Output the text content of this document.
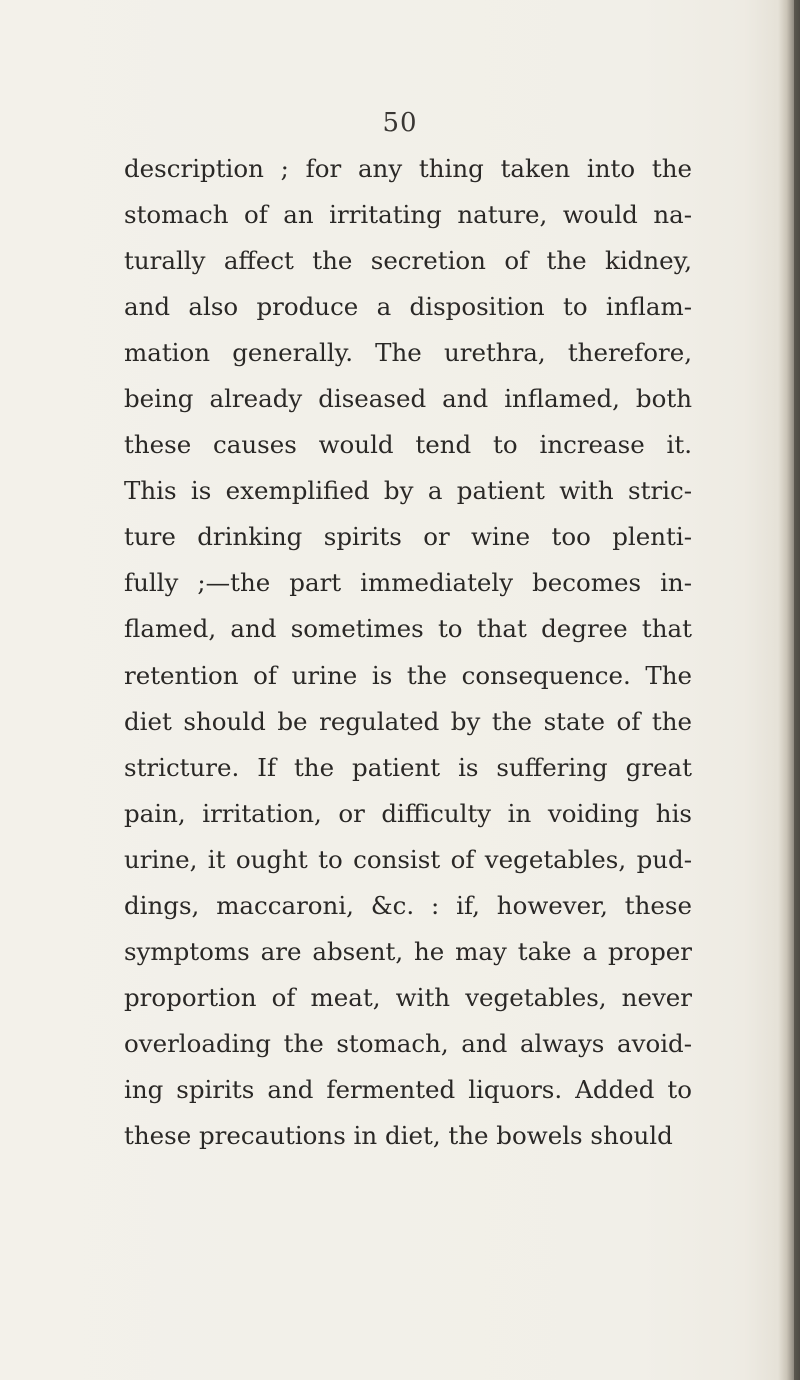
50
description ; for any thing taken into the
stomach of an irritating nature, would na-
turally affect the secretion of the kidney,
and also produce a disposition to inflam-
mation generally. The urethra, therefore,
being already diseased and inflamed, both
these causes would tend to increase it.
This is exemplified by a patient with stric-
ture drinking spirits or wine too plenti-
fully ;—the part immediately becomes in-
flamed, and sometimes to that degree that
retention of urine is the consequence. The
diet should be regulated by the state of the
stricture. If the patient is suffering great
pain, irritation, or difficulty in voiding his
urine, it ought to consist of vegetables, pud-
dings, maccaroni, &c. : if, however, these
symptoms are absent, he may take a proper
proportion of meat, with vegetables, never
overloading the stomach, and always avoid-
ing spirits and fermented liquors. Added to
these precautions in diet, the bowels should
